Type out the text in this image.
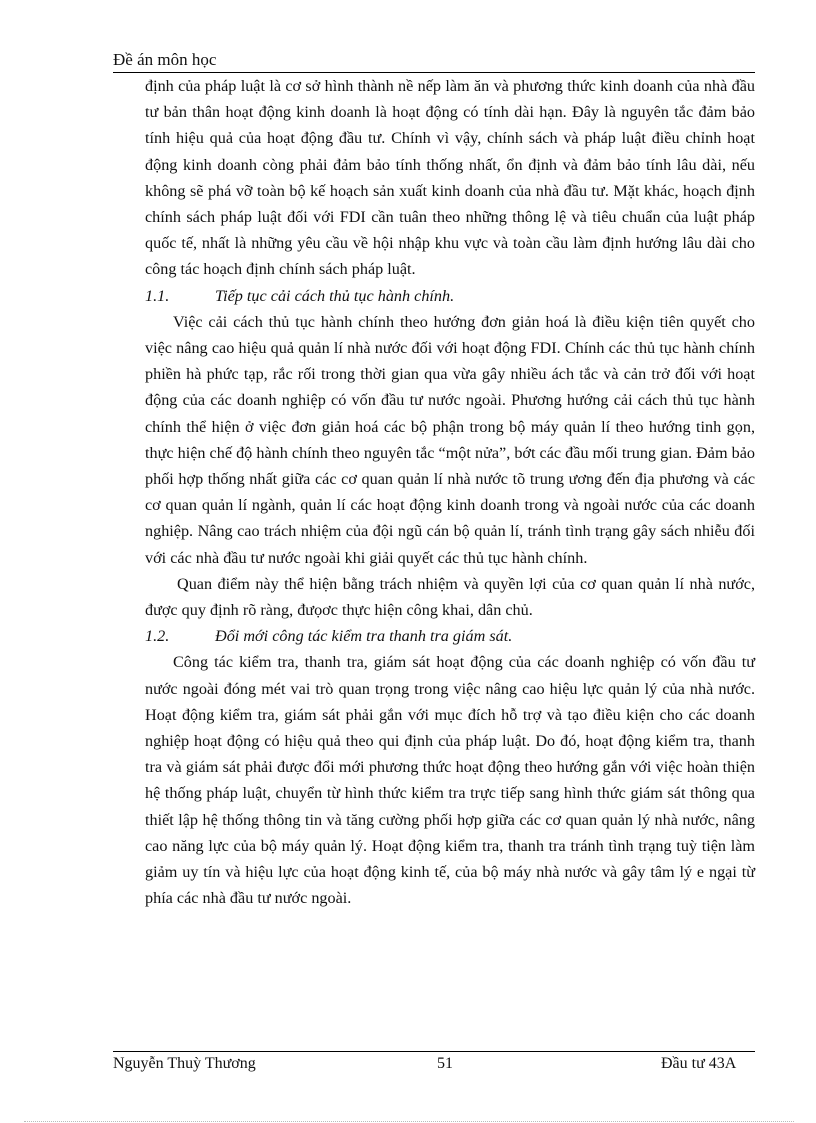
Đề án môn học

định của pháp luật là cơ sở hình thành nề nếp làm ăn và phương thức kinh doanh của nhà đầu tư bản thân hoạt động kinh doanh là hoạt động có tính dài hạn. Đây là nguyên tắc đảm bảo tính hiệu quả của hoạt động đầu tư. Chính vì vậy, chính sách và pháp luật điều chỉnh hoạt động kinh doanh còng phải đảm bảo tính thống nhất, ổn định và đảm bảo tính lâu dài, nếu không sẽ phá vỡ toàn bộ kế hoạch sản xuất kinh doanh của nhà đầu tư. Mặt khác, hoạch định chính sách pháp luật đối với FDI cần tuân theo những thông lệ và tiêu chuẩn của luật pháp quốc tế, nhất là những yêu cầu về hội nhập khu vực và toàn cầu làm định hướng lâu dài cho công tác hoạch định chính sách pháp luật.

1.1.	Tiếp tục cải cách thủ tục hành chính.

Việc cải cách thủ tục hành chính theo hướng đơn giản hoá là điều kiện tiên quyết cho việc nâng cao hiệu quả quản lí nhà nước đối với hoạt động FDI. Chính các thủ tục hành chính phiền hà phức tạp, rắc rối trong thời gian qua vừa gây nhiều ách tắc và cản trở đối với hoạt động của các doanh nghiệp có vốn đầu tư nước ngoài. Phương hướng cải cách thủ tục hành chính thể hiện ở việc đơn giản hoá các bộ phận trong bộ máy quản lí theo hướng tinh gọn, thực hiện chế độ hành chính theo nguyên tắc “một nửa”, bớt các đầu mối trung gian. Đảm bảo phối hợp thống nhất giữa các cơ quan quản lí nhà nước tõ trung ương đến địa phương và các cơ quan quản lí ngành, quản lí các hoạt động kinh doanh trong và ngoài nước của các doanh nghiệp. Nâng cao trách nhiệm của đội ngũ cán bộ quản lí, tránh tình trạng gây sách nhiễu đối với các nhà đầu tư nước ngoài khi giải quyết các thủ tục hành chính.

Quan điểm này thể hiện bằng trách nhiệm và quyền lợi của cơ quan quản lí nhà nước, được quy định rõ ràng, đưọơc thực hiện công khai, dân chủ.

1.2.	Đổi mới công tác kiểm tra thanh tra giám sát.

Công tác kiểm tra, thanh tra, giám sát hoạt động của các doanh nghiệp có vốn đầu tư nước ngoài đóng mét vai trò quan trọng trong việc nâng cao hiệu lực quản lý của nhà nước. Hoạt động kiểm tra, giám sát phải gắn với mục đích hỗ trợ và tạo điều kiện cho các doanh nghiệp hoạt động có hiệu quả theo qui định của pháp luật. Do đó, hoạt động kiểm tra, thanh tra và giám sát phải được đổi mới phương thức hoạt động theo hướng gắn với việc hoàn thiện hệ thống pháp luật, chuyển từ hình thức kiểm tra trực tiếp sang hình thức giám sát thông qua thiết lập hệ thống thông tin và tăng cường phối hợp giữa các cơ quan quản lý nhà nước, nâng cao năng lực của bộ máy quản lý. Hoạt động kiểm tra, thanh tra tránh tình trạng tuỳ tiện làm giảm uy tín và hiệu lực của hoạt động kinh tế, của bộ máy nhà nước và gây tâm lý e ngại từ phía các nhà đầu tư nước ngoài.

Nguyễn Thuỳ Thương	51	Đầu tư 43A
